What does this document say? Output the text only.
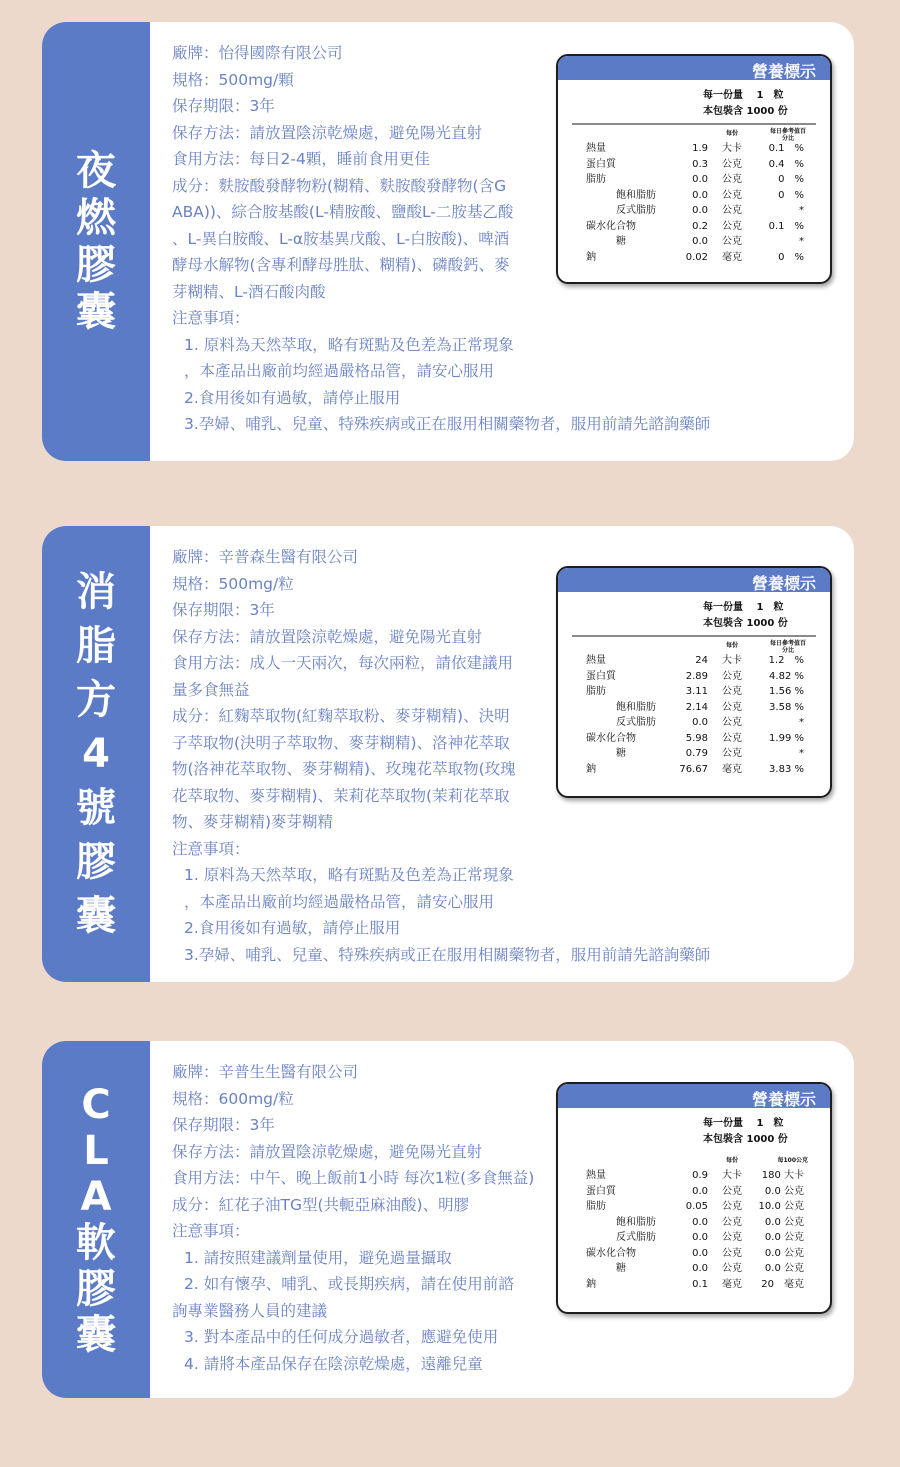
夜
燃
膠
囊
廠牌：怡得國際有限公司
規格：500mg/顆
保存期限：3年
保存方法：請放置陰涼乾燥處，避免陽光直射
食用方法：每日2-4顆，睡前食用更佳
成分：麩胺酸發酵物粉(糊精、麩胺酸發酵物(含G
ABA))、綜合胺基酸(L-精胺酸、鹽酸L-二胺基乙酸
、L-異白胺酸、L-α胺基異戊酸、L-白胺酸)、啤酒
酵母水解物(含專利酵母胜肽、糊精)、磷酸鈣、麥
芽糊精、L-酒石酸肉酸
注意事項：
1. 原料為天然萃取，略有斑點及色差為正常現象
，本產品出廠前均經過嚴格品管，請安心服用
2.食用後如有過敏，請停止服用
3.孕婦、哺乳、兒童、特殊疾病或正在服用相關藥物者，服用前請先諮詢藥師
營養標示
每一份量　 1　粒
本包裝含 1000 份
每份	每日參考值百分比
熱量	1.9 大卡	0.1　%
蛋白質	0.3 公克	0.4　%
脂肪	0.0 公克	0　%
飽和脂肪	0.0 公克	0　%
反式脂肪	0.0 公克	*
碳水化合物	0.2 公克	0.1　%
糖	0.0 公克	*
鈉	0.02 毫克	0　%
消
脂
方
4
號
膠
囊
廠牌：辛普森生醫有限公司
規格：500mg/粒
保存期限：3年
保存方法：請放置陰涼乾燥處，避免陽光直射
食用方法：成人一天兩次，每次兩粒，請依建議用
量多食無益
成分：紅麴萃取物(紅麴萃取粉、麥芽糊精)、決明
子萃取物(決明子萃取物、麥芽糊精)、洛神花萃取
物(洛神花萃取物、麥芽糊精)、玫瑰花萃取物(玫瑰
花萃取物、麥芽糊精)、茉莉花萃取物(茉莉花萃取
物、麥芽糊精)麥芽糊精
注意事項：
1. 原料為天然萃取，略有斑點及色差為正常現象
，本產品出廠前均經過嚴格品管，請安心服用
2.食用後如有過敏，請停止服用
3.孕婦、哺乳、兒童、特殊疾病或正在服用相關藥物者，服用前請先諮詢藥師
營養標示
每一份量　 1　粒
本包裝含 1000 份
每份	每日參考值百分比
熱量	24 大卡	1.2　%
蛋白質	2.89 公克	4.82 %
脂肪	3.11 公克	1.56 %
飽和脂肪	2.14 公克	3.58 %
反式脂肪	0.0 公克	*
碳水化合物	5.98 公克	1.99 %
糖	0.79 公克	*
鈉	76.67 毫克	3.83 %
C
L
A
軟
膠
囊
廠牌：辛普生生醫有限公司
規格：600mg/粒
保存期限：3年
保存方法：請放置陰涼乾燥處，避免陽光直射
食用方法：中午、晚上飯前1小時 每次1粒(多食無益)
成分：紅花子油TG型(共軛亞麻油酸)、明膠
注意事項：
1. 請按照建議劑量使用，避免過量攝取
2. 如有懷孕、哺乳、或長期疾病，請在使用前諮
詢專業醫務人員的建議
3. 對本產品中的任何成分過敏者，應避免使用
4. 請將本產品保存在陰涼乾燥處，遠離兒童
營養標示
每一份量　 1　粒
本包裝含 1000 份
每份	每100公克
熱量	0.9 大卡 180 大卡
蛋白質	0.0 公克 0.0 公克
脂肪	0.05 公克 10.0 公克
飽和脂肪	0.0 公克 0.0 公克
反式脂肪	0.0 公克 0.0 公克
碳水化合物	0.0 公克 0.0 公克
糖	0.0 公克 0.0 公克
鈉	0.1 毫克 20　毫克
